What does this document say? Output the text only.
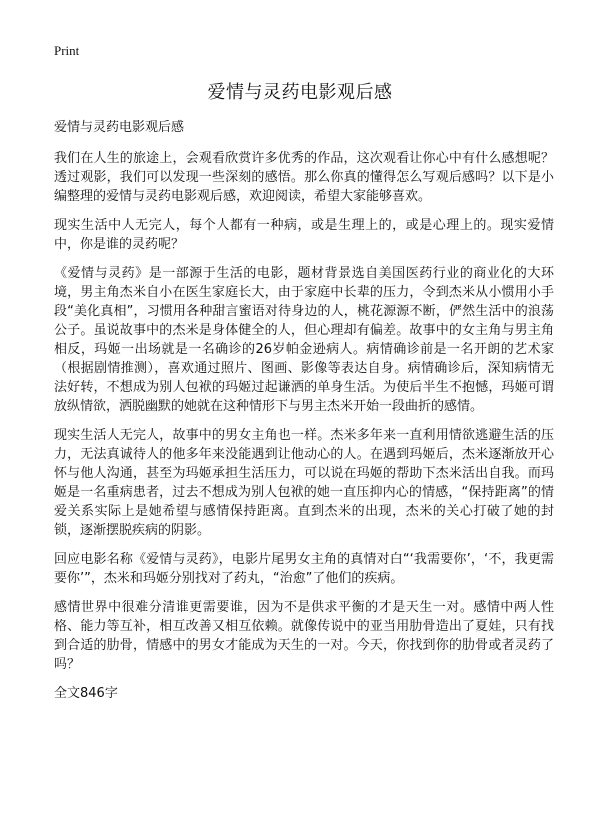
Print
爱情与灵药电影观后感

爱情与灵药电影观后感

我们在人生的旅途上，会观看欣赏许多优秀的作品，这次观看让你心中有什么感想呢？透过观影，我们可以发现一些深刻的感悟。那么你真的懂得怎么写观后感吗？以下是小编整理的爱情与灵药电影观后感，欢迎阅读，希望大家能够喜欢。

现实生活中人无完人，每个人都有一种病，或是生理上的，或是心理上的。现实爱情中，你是谁的灵药呢？

《爱情与灵药》是一部源于生活的电影，题材背景选自美国医药行业的商业化的大环境，男主角杰米自小在医生家庭长大，由于家庭中长辈的压力，令到杰米从小惯用小手段“美化真相”，习惯用各种甜言蜜语对待身边的人，桃花源源不断，俨然生活中的浪荡公子。虽说故事中的杰米是身体健全的人，但心理却有偏差。故事中的女主角与男主角相反，玛姬一出场就是一名确诊的26岁帕金逊病人。病情确诊前是一名开朗的艺术家（根据剧情推测），喜欢通过照片、图画、影像等表达自身。病情确诊后，深知病情无法好转，不想成为别人包袱的玛姬过起谦洒的单身生活。为使后半生不抱憾，玛姬可谓放纵情欲，洒脱幽默的她就在这种情形下与男主杰米开始一段曲折的感情。

现实生活人无完人，故事中的男女主角也一样。杰米多年来一直利用情欲逃避生活的压力，无法真诚待人的他多年来没能遇到让他动心的人。在遇到玛姬后，杰米逐渐放开心怀与他人沟通，甚至为玛姬承担生活压力，可以说在玛姬的帮助下杰米活出自我。而玛姬是一名重病患者，过去不想成为别人包袱的她一直压抑内心的情感，“保持距离”的情爱关系实际上是她希望与感情保持距离。直到杰米的出现，杰米的关心打破了她的封锁，逐渐摆脱疾病的阴影。

回应电影名称《爱情与灵药》，电影片尾男女主角的真情对白“‘我需要你’，‘不，我更需要你’”，杰米和玛姬分别找对了药丸，“治愈”了他们的疾病。

感情世界中很难分清谁更需要谁，因为不是供求平衡的才是天生一对。感情中两人性格、能力等互补，相互改善又相互依赖。就像传说中的亚当用肋骨造出了夏娃，只有找到合适的肋骨，情感中的男女才能成为天生的一对。今天，你找到你的肋骨或者灵药了吗？

全文846字
